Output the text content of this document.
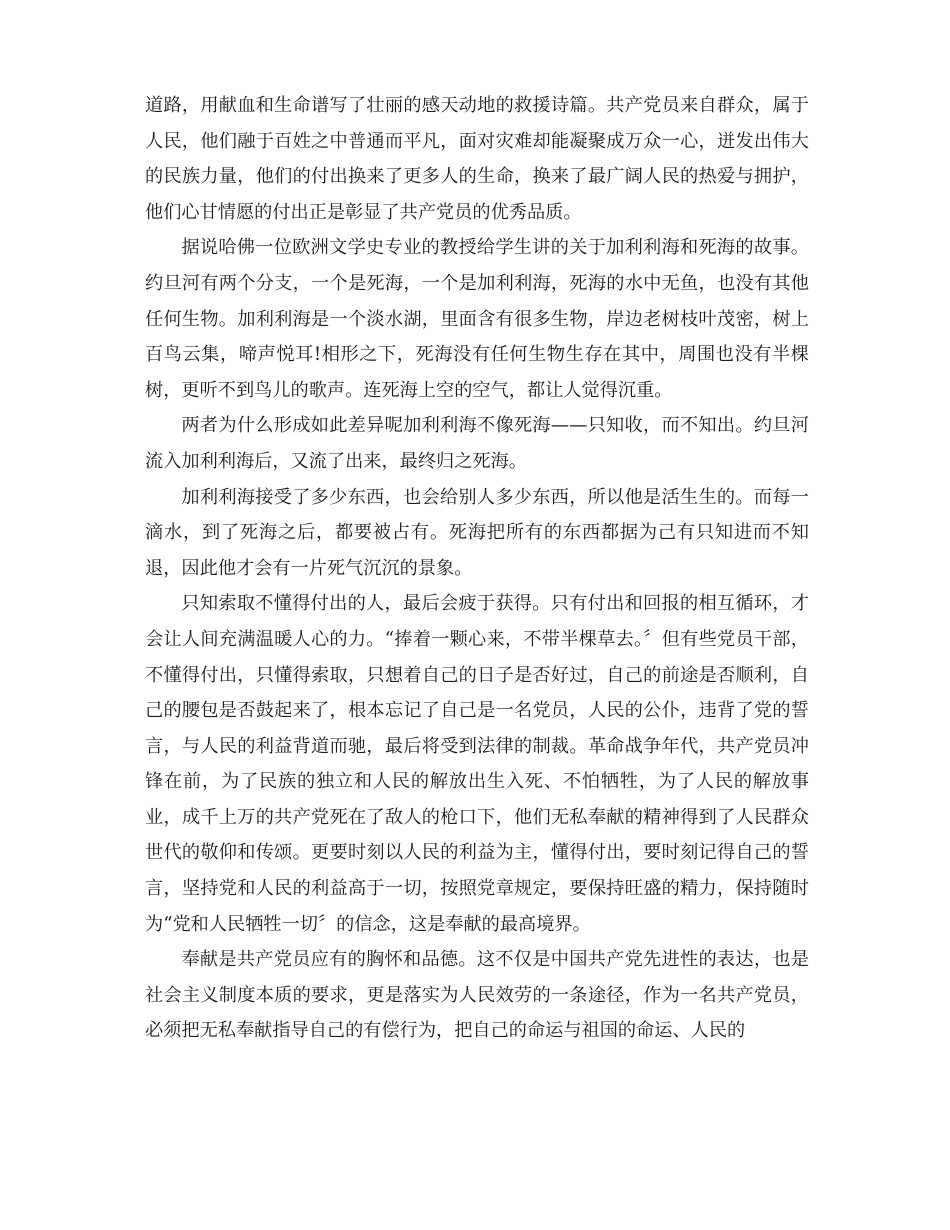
道路，用献血和生命谱写了壮丽的感天动地的救援诗篇。共产党员来自群众，属于人民，他们融于百姓之中普通而平凡，面对灾难却能凝聚成万众一心，迸发出伟大的民族力量，他们的付出换来了更多人的生命，换来了最广阔人民的热爱与拥护，他们心甘情愿的付出正是彰显了共产党员的优秀品质。

据说哈佛一位欧洲文学史专业的教授给学生讲的关于加利利海和死海的故事。约旦河有两个分支，一个是死海，一个是加利利海，死海的水中无鱼，也没有其他任何生物。加利利海是一个淡水湖，里面含有很多生物，岸边老树枝叶茂密，树上百鸟云集，啼声悦耳!相形之下，死海没有任何生物生存在其中，周围也没有半棵树，更听不到鸟儿的歌声。连死海上空的空气，都让人觉得沉重。

两者为什么形成如此差异呢加利利海不像死海——只知收，而不知出。约旦河流入加利利海后，又流了出来，最终归之死海。

加利利海接受了多少东西，也会给别人多少东西，所以他是活生生的。而每一滴水，到了死海之后，都要被占有。死海把所有的东西都据为己有只知进而不知退，因此他才会有一片死气沉沉的景象。

只知索取不懂得付出的人，最后会疲于获得。只有付出和回报的相互循环，才会让人间充满温暖人心的力。“捧着一颗心来，不带半棵草去。〞但有些党员干部，不懂得付出，只懂得索取，只想着自己的日子是否好过，自己的前途是否顺利，自己的腰包是否鼓起来了，根本忘记了自己是一名党员，人民的公仆，违背了党的誓言，与人民的利益背道而驰，最后将受到法律的制裁。革命战争年代，共产党员冲锋在前，为了民族的独立和人民的解放出生入死、不怕牺牲，为了人民的解放事业，成千上万的共产党死在了敌人的枪口下，他们无私奉献的精神得到了人民群众世代的敬仰和传颂。更要时刻以人民的利益为主，懂得付出，要时刻记得自己的誓言，坚持党和人民的利益高于一切，按照党章规定，要保持旺盛的精力，保持随时为“党和人民牺牲一切〞的信念，这是奉献的最高境界。

奉献是共产党员应有的胸怀和品德。这不仅是中国共产党先进性的表达，也是社会主义制度本质的要求，更是落实为人民效劳的一条途径，作为一名共产党员，必须把无私奉献指导自己的有偿行为，把自己的命运与祖国的命运、人民的
